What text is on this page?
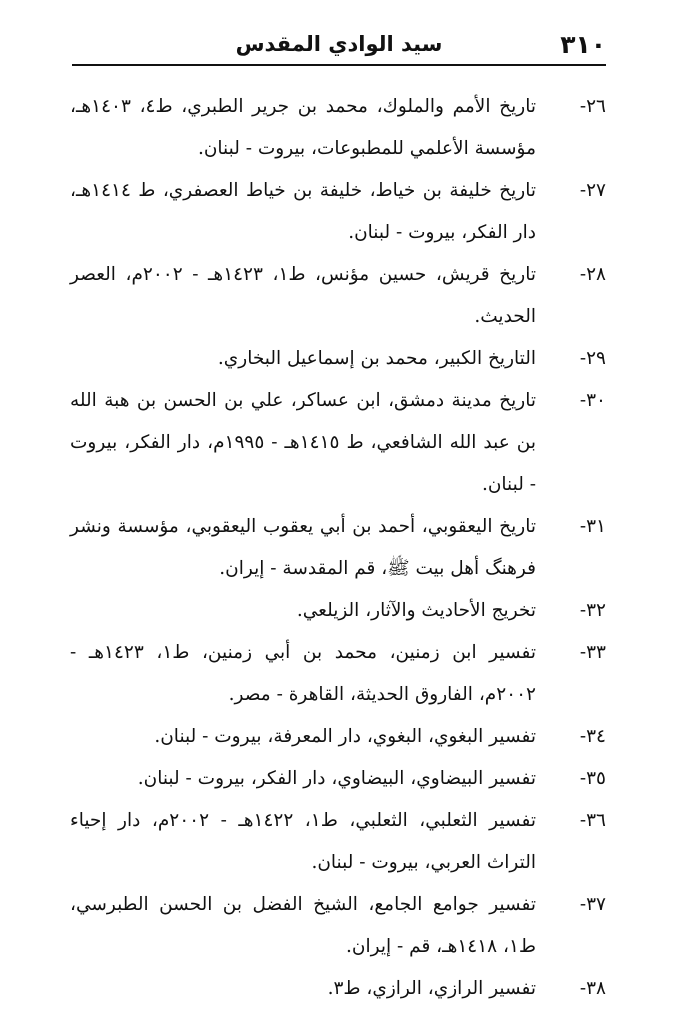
٣١٠
سيد الوادي المقدس
٢٦-
تاريخ الأمم والملوك، محمد بن جرير الطبري، ط٤، ١٤٠٣هـ، مؤسسة الأعلمي للمطبوعات، بيروت - لبنان.
٢٧-
تاريخ خليفة بن خياط، خليفة بن خياط العصفري، ط ١٤١٤هـ، دار الفكر، بيروت - لبنان.
٢٨-
تاريخ قريش، حسين مؤنس، ط١، ١٤٢٣هـ - ٢٠٠٢م، العصر الحديث.
٢٩-
التاريخ الكبير، محمد بن إسماعيل البخاري.
٣٠-
تاريخ مدينة دمشق، ابن عساكر، علي بن الحسن بن هبة الله بن عبد الله الشافعي، ط ١٤١٥هـ - ١٩٩٥م، دار الفكر، بيروت - لبنان.
٣١-
تاريخ اليعقوبي، أحمد بن أبي يعقوب اليعقوبي، مؤسسة ونشر فرهنگ أهل بيت ﷺ، قم المقدسة - إيران.
٣٢-
تخريج الأحاديث والآثار، الزيلعي.
٣٣-
تفسير ابن زمنين، محمد بن أبي زمنين، ط١، ١٤٢٣هـ - ٢٠٠٢م، الفاروق الحديثة، القاهرة - مصر.
٣٤-
تفسير البغوي، البغوي، دار المعرفة، بيروت - لبنان.
٣٥-
تفسير البيضاوي، البيضاوي، دار الفكر، بيروت - لبنان.
٣٦-
تفسير الثعلبي، الثعلبي، ط١، ١٤٢٢هـ - ٢٠٠٢م، دار إحياء التراث العربي، بيروت - لبنان.
٣٧-
تفسير جوامع الجامع، الشيخ الفضل بن الحسن الطبرسي، ط١، ١٤١٨هـ، قم - إيران.
٣٨-
تفسير الرازي، الرازي، ط٣.
